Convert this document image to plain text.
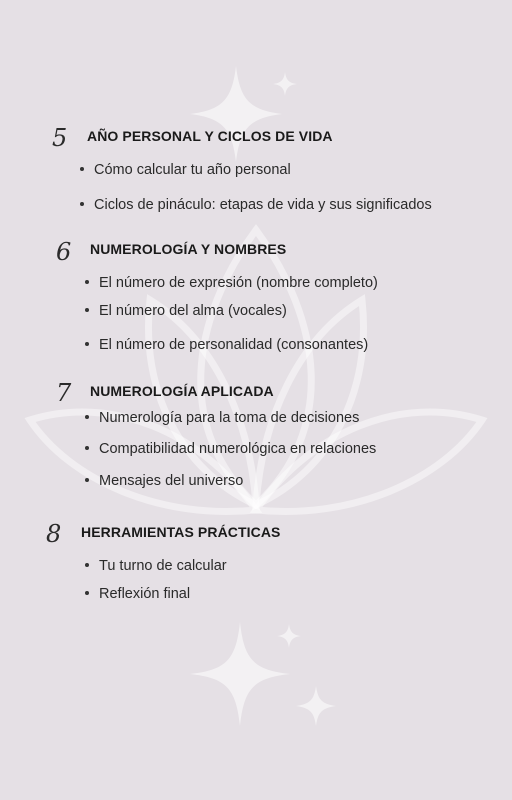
5 AÑO PERSONAL Y CICLOS DE VIDA
Cómo calcular tu año personal
Ciclos de pináculo: etapas de vida y sus significados
6 NUMEROLOGÍA Y NOMBRES
El número de expresión (nombre completo)
El número del alma (vocales)
El número de personalidad (consonantes)
7 NUMEROLOGÍA APLICADA
Numerología para la toma de decisiones
Compatibilidad numerológica en relaciones
Mensajes del universo
8 HERRAMIENTAS PRÁCTICAS
Tu turno de calcular
Reflexión final
